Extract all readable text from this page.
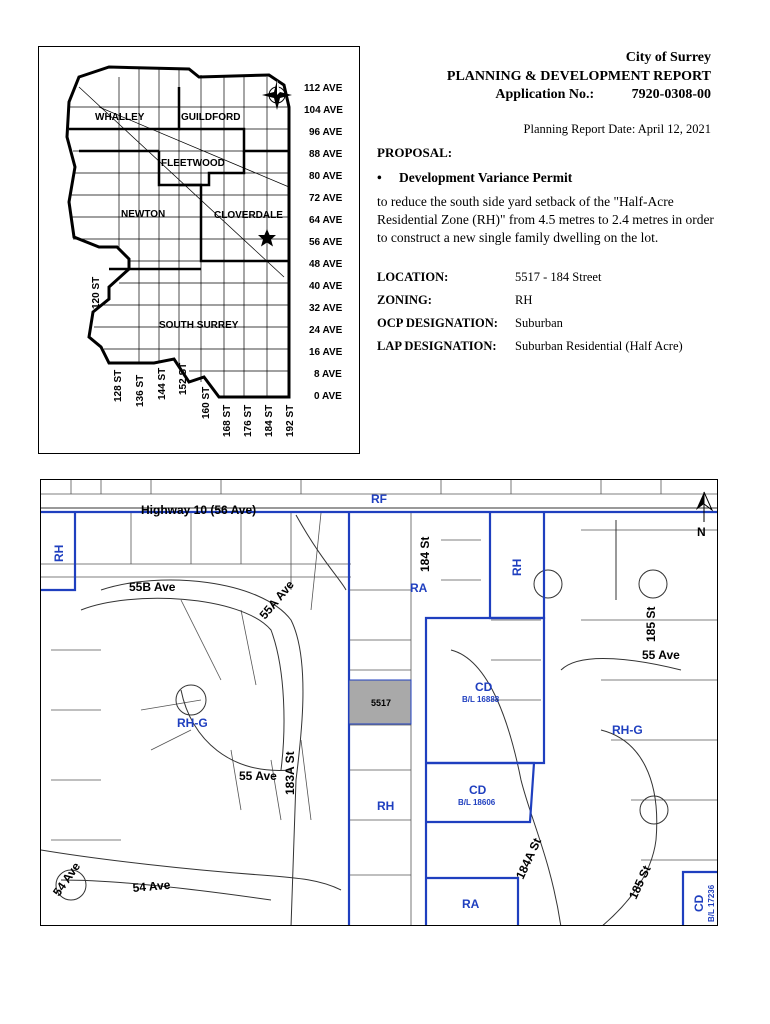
WHALLEY	GUILDFORD
FLEETWOOD
NEWTON	CLOVERDALE
SOUTH SURREY
112 AVE
104 AVE
96 AVE
88 AVE
80 AVE
72 AVE
64 AVE
56 AVE
48 AVE
40 AVE
32 AVE
24 AVE
16 AVE
8 AVE
0 AVE
120 ST
128 ST 136 ST 144 ST 152 ST
160 ST
168 ST 176 ST 184 ST 192 ST
City of Surrey
PLANNING & DEVELOPMENT REPORT
Application No.:	7920-0308-00
Planning Report Date: April 12, 2021
PROPOSAL:
• Development Variance Permit
to reduce the south side yard setback of the "Half-Acre Residential Zone (RH)" from 4.5 metres to 2.4 metres in order to construct a new single family dwelling on the lot.
LOCATION:	5517 - 184 Street
ZONING:	RH
OCP DESIGNATION:	Suburban
LAP DESIGNATION:	Suburban Residential (Half Acre)
5517
N
Highway 10 (56 Ave)
184 St
55B Ave	55A Ave
183A St
55 Ave
55 Ave
54 Ave	54 Ave
185 St
185 St
184A St
RF
RH
RH
RH
RA
RA
RH-G	RH-G
CD
B/L 16888
CD
B/L 18606
CD B/L 17236
